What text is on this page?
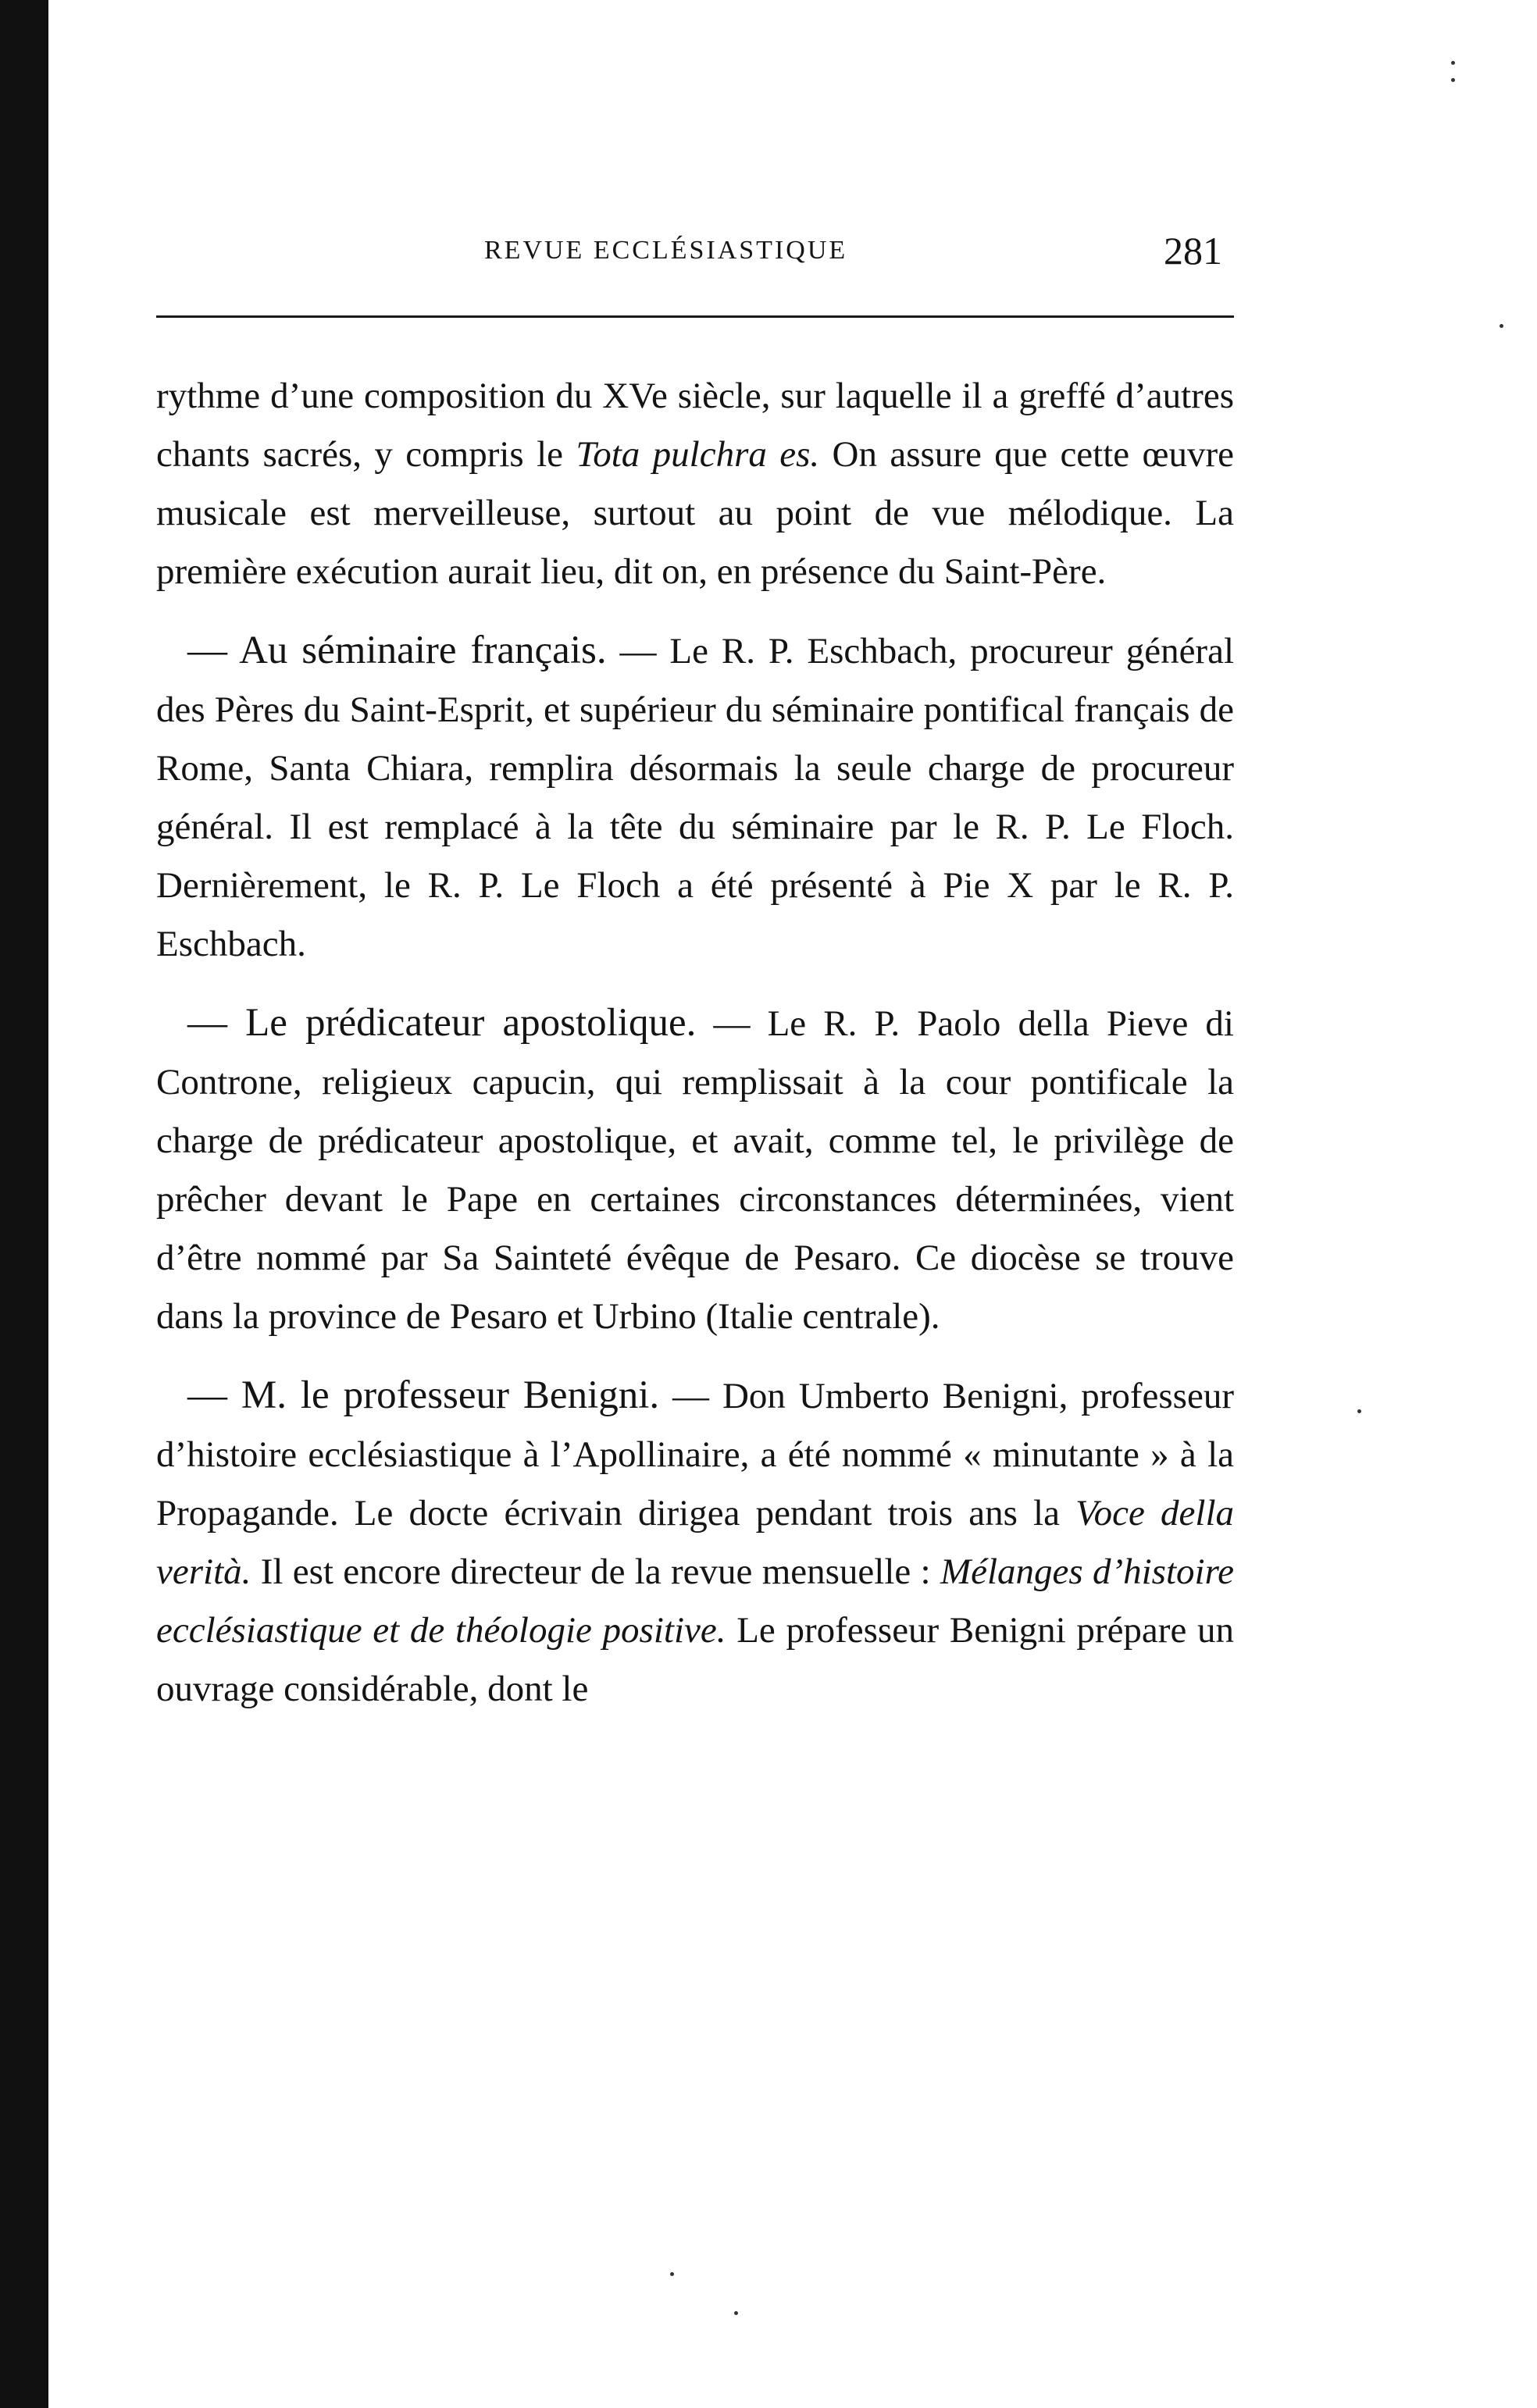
REVUE ECCLÉSIASTIQUE	281

rythme d’une composition du XVe siècle, sur laquelle il a greffé d’autres chants sacrés, y compris le Tota pulchra es. On assure que cette œuvre musicale est merveilleuse, surtout au point de vue mélodique. La première exécution aurait lieu, dit on, en présence du Saint-Père.

— Au séminaire français. — Le R. P. Eschbach, procureur général des Pères du Saint-Esprit, et supérieur du séminaire pontifical français de Rome, Santa Chiara, remplira désormais la seule charge de procureur général. Il est remplacé à la tête du séminaire par le R. P. Le Floch. Dernièrement, le R. P. Le Floch a été présenté à Pie X par le R. P. Eschbach.

— Le prédicateur apostolique. — Le R. P. Paolo della Pieve di Controne, religieux capucin, qui remplissait à la cour pontificale la charge de prédicateur apostolique, et avait, comme tel, le privilège de prêcher devant le Pape en certaines circonstances déterminées, vient d’être nommé par Sa Sainteté évêque de Pesaro. Ce diocèse se trouve dans la province de Pesaro et Urbino (Italie centrale).

— M. le professeur Benigni. — Don Umberto Benigni, professeur d’histoire ecclésiastique à l’Apollinaire, a été nommé « minutante » à la Propagande. Le docte écrivain dirigea pendant trois ans la Voce della verità. Il est encore directeur de la revue mensuelle : Mélanges d’histoire ecclésiastique et de théologie positive. Le professeur Benigni prépare un ouvrage considérable, dont le
